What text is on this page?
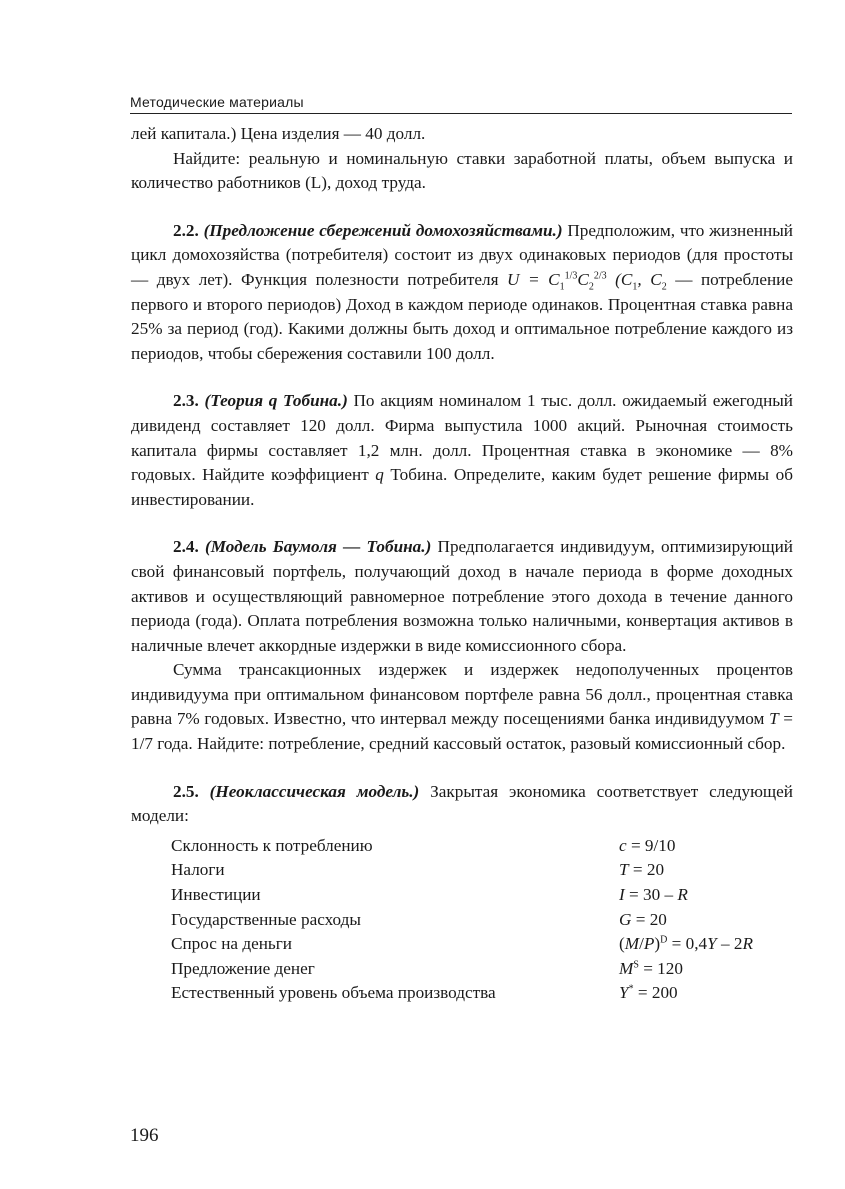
Методические материалы

лей капитала.) Цена изделия — 40 долл.

Найдите: реальную и номинальную ставки заработной платы, объем выпуска и количество работников (L), доход труда.

2.2. (Предложение сбережений домохозяйствами.) Предположим, что жизненный цикл домохозяйства (потребителя) состоит из двух одинаковых периодов (для простоты — двух лет). Функция полезности потребителя $U = C_1^{1/3}C_2^{2/3}$ ($C_1$, $C_2$ — потребление первого и второго периодов) Доход в каждом периоде одинаков. Процентная ставка равна 25% за период (год). Какими должны быть доход и оптимальное потребление каждого из периодов, чтобы сбережения составили 100 долл.

2.3. (Теория q Тобина.) По акциям номиналом 1 тыс. долл. ожидаемый ежегодный дивиденд составляет 120 долл. Фирма выпустила 1000 акций. Рыночная стоимость капитала фирмы составляет 1,2 млн. долл. Процентная ставка в экономике — 8% годовых. Найдите коэффициент q Тобина. Определите, каким будет решение фирмы об инвестировании.

2.4. (Модель Баумоля — Тобина.) Предполагается индивидуум, оптимизирующий свой финансовый портфель, получающий доход в начале периода в форме доходных активов и осуществляющий равномерное потребление этого дохода в течение данного периода (года). Оплата потребления возможна только наличными, конвертация активов в наличные влечет аккордные издержки в виде комиссионного сбора.

Сумма трансакционных издержек и издержек недополученных процентов индивидуума при оптимальном финансовом портфеле равна 56 долл., процентная ставка равна 7% годовых. Известно, что интервал между посещениями банка индивидуумом T = 1/7 года. Найдите: потребление, средний кассовый остаток, разовый комиссионный сбор.

2.5. (Неоклассическая модель.) Закрытая экономика соответствует следующей модели:

Склонность к потреблению	c = 9/10
Налоги	T = 20
Инвестиции	I = 30 – R
Государственные расходы	G = 20
Спрос на деньги	$(M/P)^D = 0,4Y - 2R$
Предложение денег	$M^S = 120$
Естественный уровень объема производства	Y* = 200
196
